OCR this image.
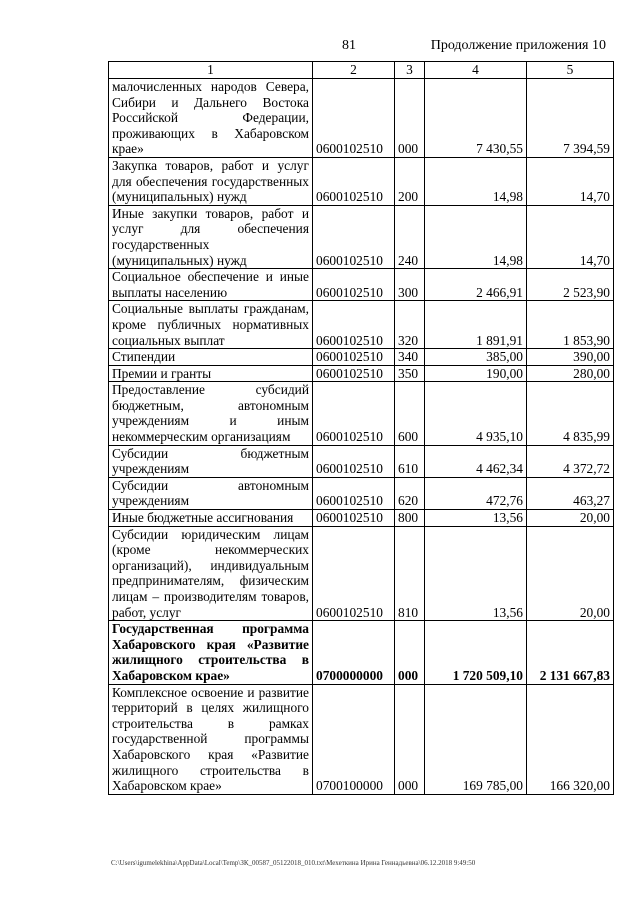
81	Продолжение приложения 10
1	2	3	4	5
малочисленных народов Севера, Сибири и Дальнего Востока Российской Федерации, проживающих в Хабаровском крае»	0600102510	000	7 430,55	7 394,59
Закупка товаров, работ и услуг для обеспечения государственных (муниципальных) нужд	0600102510	200	14,98	14,70
Иные закупки товаров, работ и услуг для обеспечения государственных (муниципальных) нужд	0600102510	240	14,98	14,70
Социальное обеспечение и иные выплаты населению	0600102510	300	2 466,91	2 523,90
Социальные выплаты гражданам, кроме публичных нормативных социальных выплат	0600102510	320	1 891,91	1 853,90
Стипендии	0600102510	340	385,00	390,00
Премии и гранты	0600102510	350	190,00	280,00
Предоставление субсидий бюджетным, автономным учреждениям и иным некоммерческим организациям	0600102510	600	4 935,10	4 835,99
Субсидии бюджетным учреждениям	0600102510	610	4 462,34	4 372,72
Субсидии автономным учреждениям	0600102510	620	472,76	463,27
Иные бюджетные ассигнования	0600102510	800	13,56	20,00
Субсидии юридическим лицам (кроме некоммерческих организаций), индивидуальным предпринимателям, физическим лицам – производителям товаров, работ, услуг	0600102510	810	13,56	20,00
Государственная программа Хабаровского края «Развитие жилищного строительства в Хабаровском крае»	0700000000	000	1 720 509,10	2 131 667,83
Комплексное освоение и развитие территорий в целях жилищного строительства в рамках государственной программы Хабаровского края «Развитие жилищного строительства в Хабаровском крае»	0700100000	000	169 785,00	166 320,00
C:\Users\igumelekhina\AppData\Local\Temp\ЗК_00587_05122018_010.txt\Мехеткина Ирина Геннадьевна\06.12.2018 9:49:50
